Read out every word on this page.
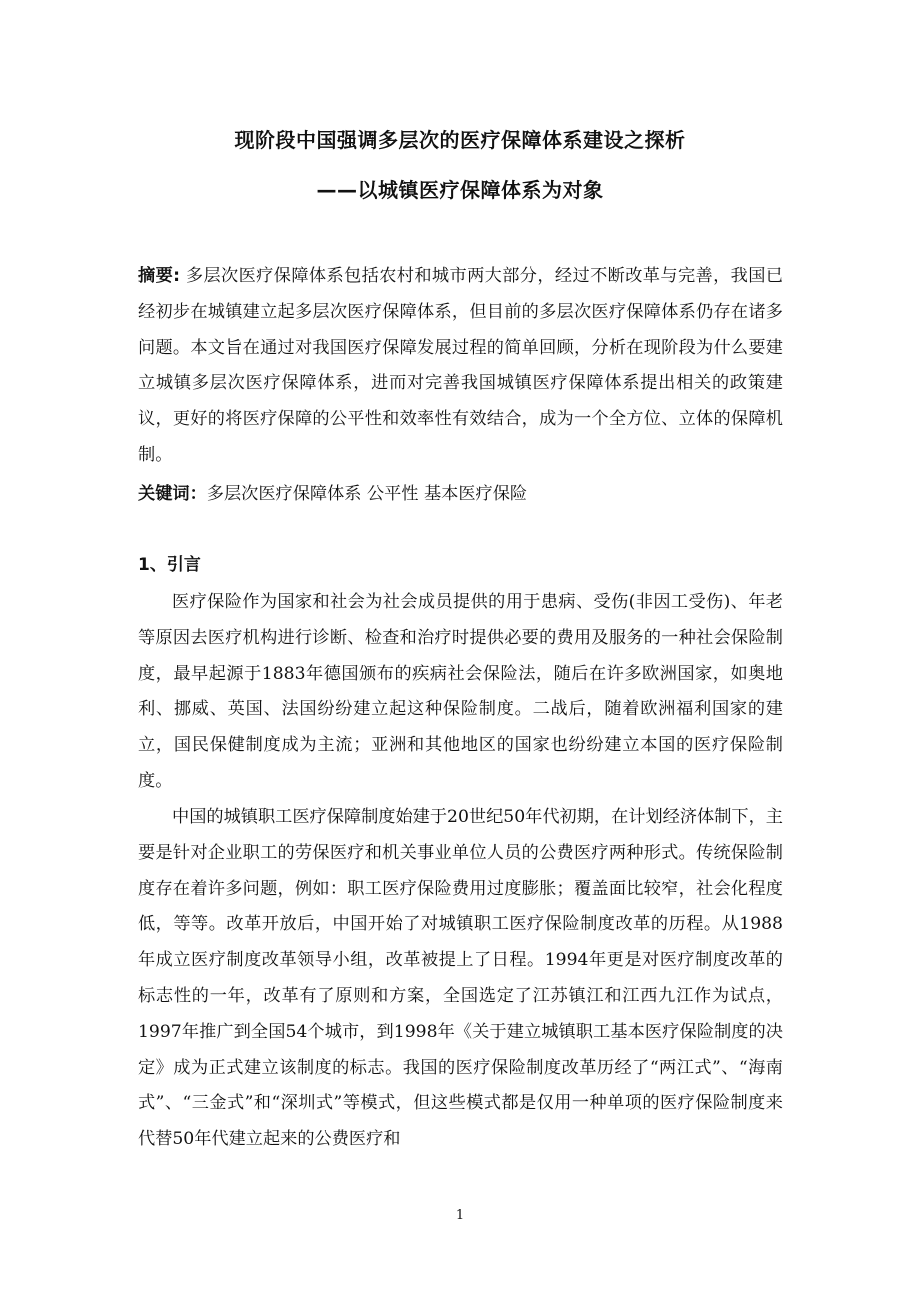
现阶段中国强调多层次的医疗保障体系建设之探析
——以城镇医疗保障体系为对象

摘要: 多层次医疗保障体系包括农村和城市两大部分，经过不断改革与完善，我国已经初步在城镇建立起多层次医疗保障体系，但目前的多层次医疗保障体系仍存在诸多问题。本文旨在通过对我国医疗保障发展过程的简单回顾，分析在现阶段为什么要建立城镇多层次医疗保障体系，进而对完善我国城镇医疗保障体系提出相关的政策建议，更好的将医疗保障的公平性和效率性有效结合，成为一个全方位、立体的保障机制。

关键词：多层次医疗保障体系 公平性 基本医疗保险

1、引言

医疗保险作为国家和社会为社会成员提供的用于患病、受伤(非因工受伤)、年老等原因去医疗机构进行诊断、检查和治疗时提供必要的费用及服务的一种社会保险制度，最早起源于1883年德国颁布的疾病社会保险法，随后在许多欧洲国家，如奥地利、挪威、英国、法国纷纷建立起这种保险制度。二战后，随着欧洲福利国家的建立，国民保健制度成为主流；亚洲和其他地区的国家也纷纷建立本国的医疗保险制度。

中国的城镇职工医疗保障制度始建于20世纪50年代初期，在计划经济体制下，主要是针对企业职工的劳保医疗和机关事业单位人员的公费医疗两种形式。传统保险制度存在着许多问题，例如：职工医疗保险费用过度膨胀；覆盖面比较窄，社会化程度低，等等。改革开放后，中国开始了对城镇职工医疗保险制度改革的历程。从1988年成立医疗制度改革领导小组，改革被提上了日程。1994年更是对医疗制度改革的标志性的一年，改革有了原则和方案，全国选定了江苏镇江和江西九江作为试点，1997年推广到全国54个城市，到1998年《关于建立城镇职工基本医疗保险制度的决定》成为正式建立该制度的标志。我国的医疗保险制度改革历经了“两江式”、“海南式”、“三金式”和“深圳式”等模式，但这些模式都是仅用一种单项的医疗保险制度来代替50年代建立起来的公费医疗和

1
